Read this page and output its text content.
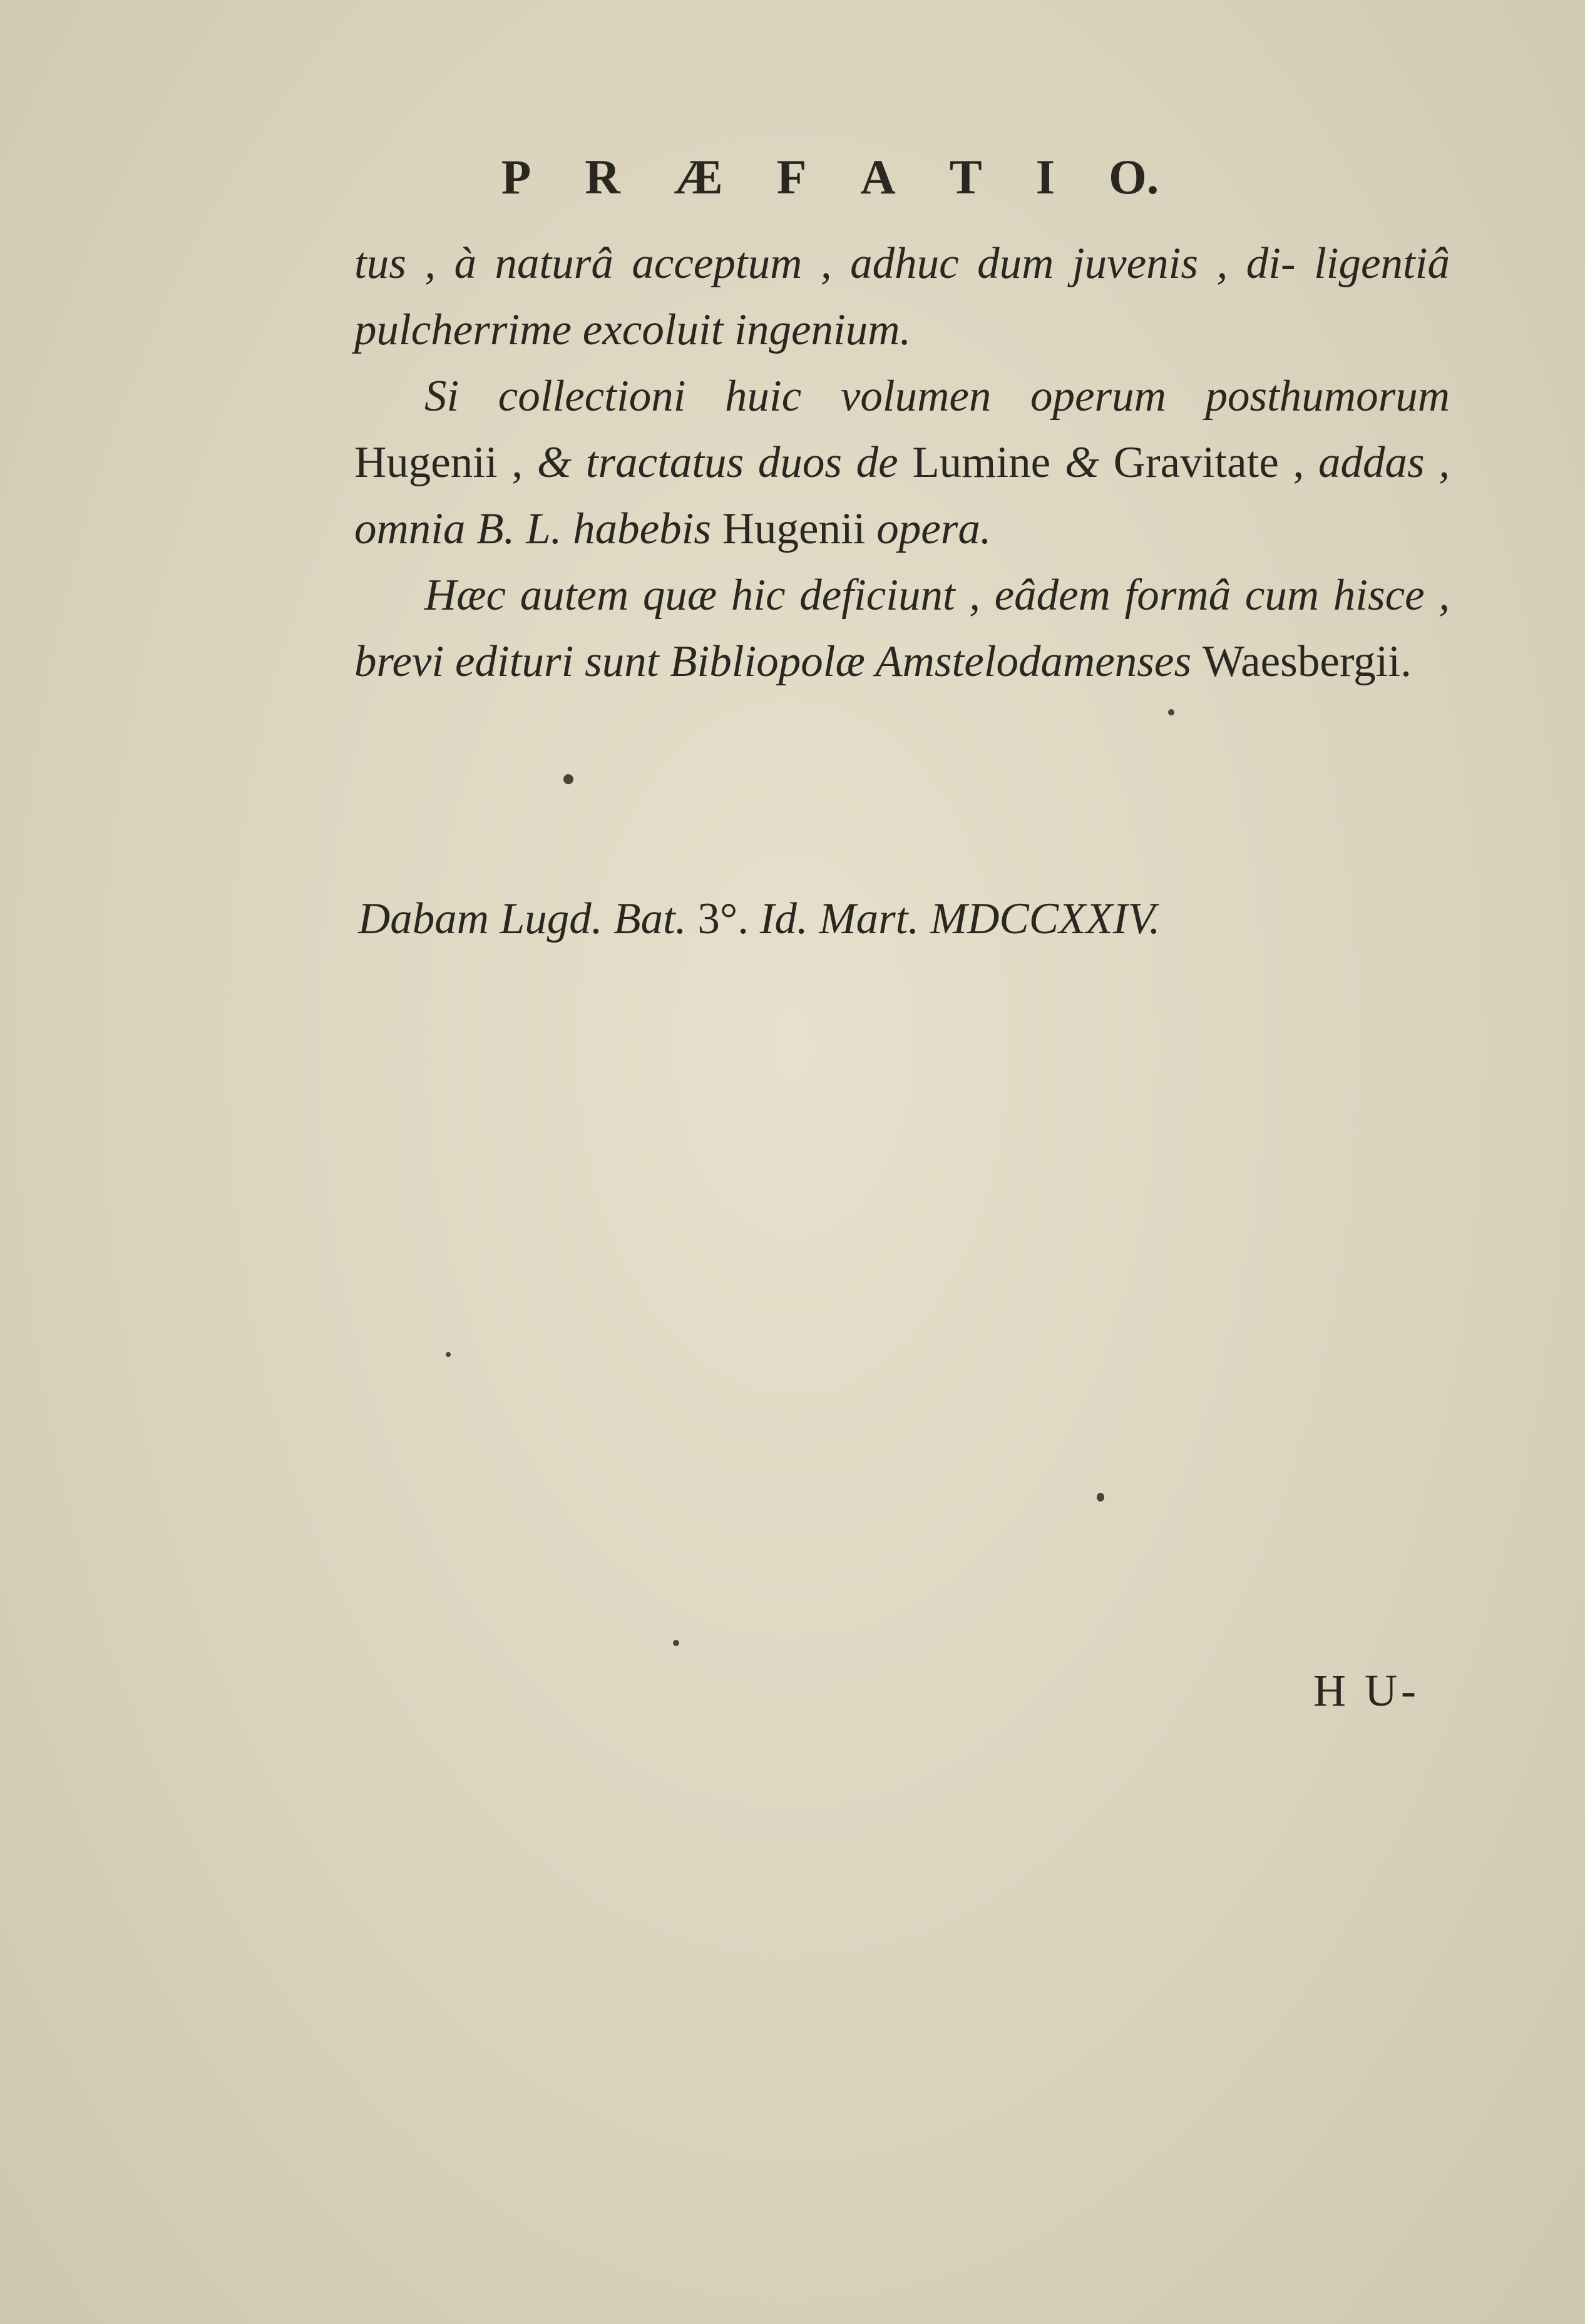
P R Æ F A T I O.

tus , à naturâ acceptum , adhuc dum juvenis , di- ligentiâ pulcherrime excoluit ingenium.

Si collectioni huic volumen operum posthumorum Hugenii , & tractatus duos de Lumine & Gravitate , addas , omnia B. L. habebis Hugenii opera.

Hæc autem quæ hic deficiunt , eâdem formâ cum hisce , brevi edituri sunt Bibliopolæ Amstelodamenses Waesbergii.

Dabam Lugd. Bat. 3°. Id. Mart. MDCCXXIV.
H U-
